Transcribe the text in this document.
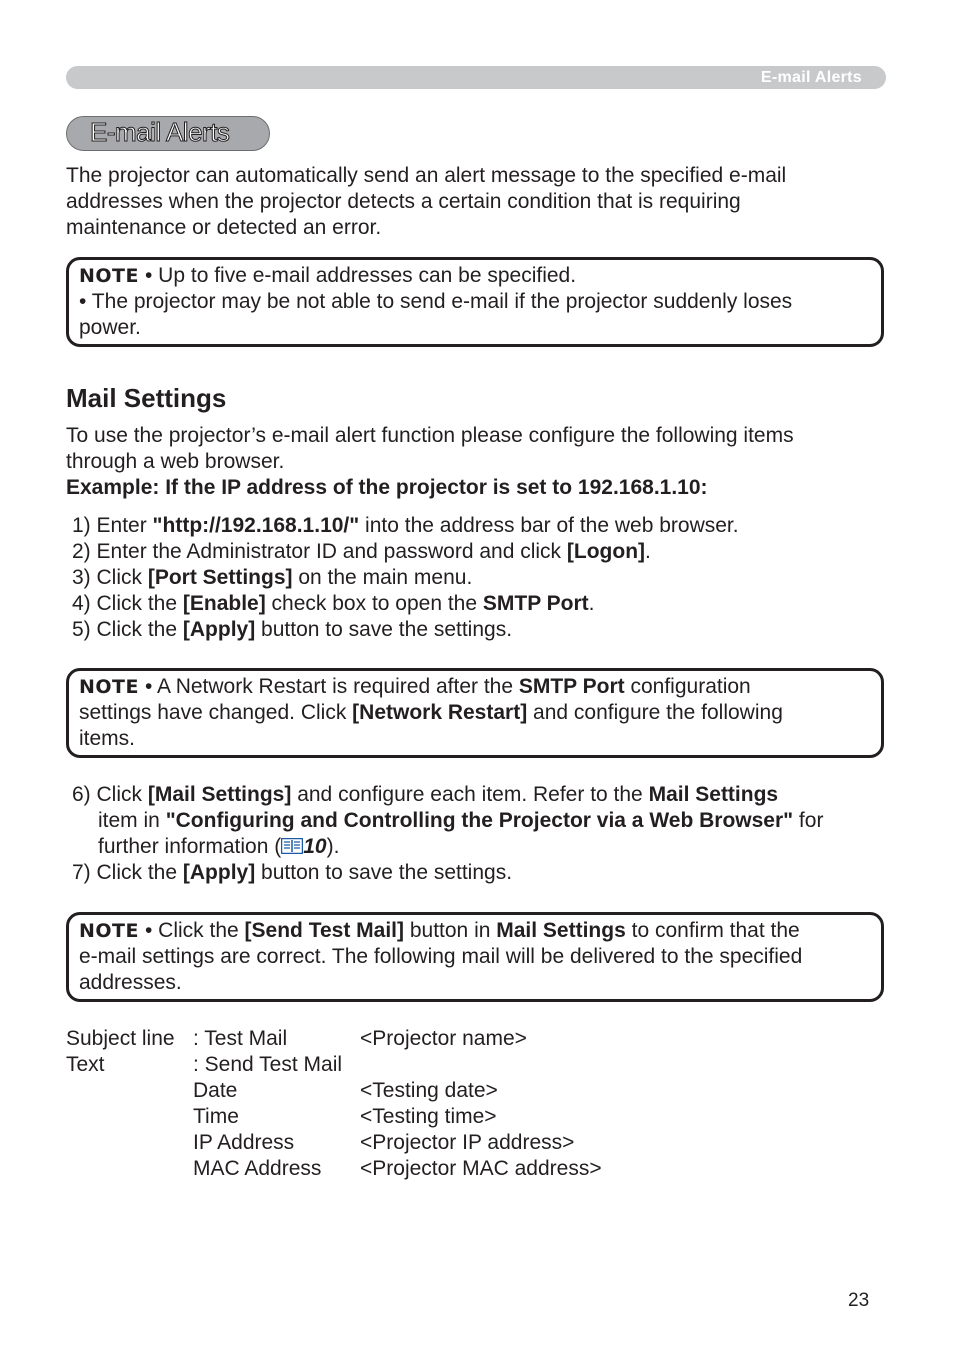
E-mail Alerts
E-mail Alerts
The projector can automatically send an alert message to the specified e-mail
addresses when the projector detects a certain condition that is requiring
maintenance or detected an error.
NOTE • Up to five e-mail addresses can be specified.
• The projector may be not able to send e-mail if the projector suddenly loses
power.
Mail Settings
To use the projector’s e-mail alert function please configure the following items
through a web browser.
Example: If the IP address of the projector is set to 192.168.1.10:
1) Enter "http://192.168.1.10/" into the address bar of the web browser.
2) Enter the Administrator ID and password and click [Logon].
3) Click [Port Settings] on the main menu.
4) Click the [Enable] check box to open the SMTP Port.
5) Click the [Apply] button to save the settings.
NOTE • A Network Restart is required after the SMTP Port configuration
settings have changed. Click [Network Restart] and configure the following
items.
6) Click [Mail Settings] and configure each item. Refer to the Mail Settings
item in "Configuring and Controlling the Projector via a Web Browser" for
further information ( 10).
7) Click the [Apply] button to save the settings.
NOTE • Click the [Send Test Mail] button in Mail Settings to confirm that the
e-mail settings are correct. The following mail will be delivered to the specified
addresses.
Subject line
Text
: Test Mail
: Send Test Mail
Date
Time
IP Address
MAC Address
<Projector name>

<Testing date>
<Testing time>
<Projector IP address>
<Projector MAC address>
23
